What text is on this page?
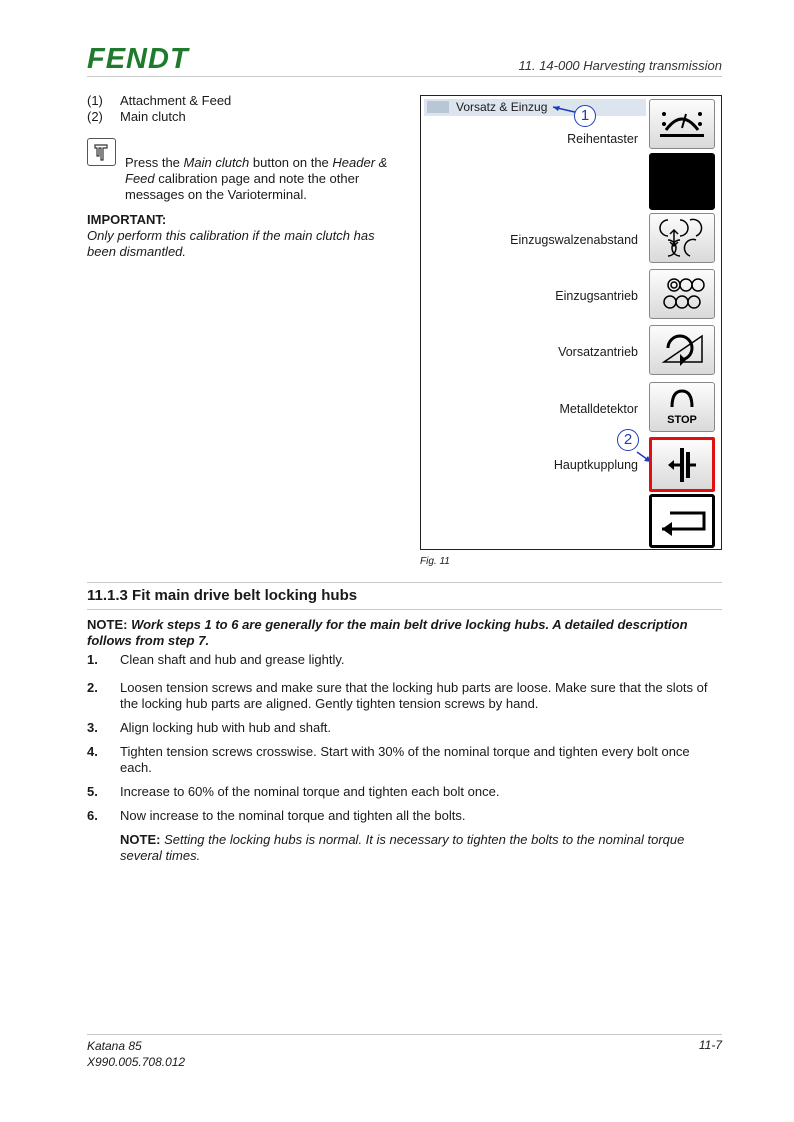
FENDT	11. 14-000 Harvesting transmission
(1)	Attachment & Feed
(2)	Main clutch
Press the Main clutch button on the Header & Feed calibration page and note the other messages on the Varioterminal.
IMPORTANT:
Only perform this calibration if the main clutch has been dismantled.
Vorsatz & Einzug	1
Reihentaster
Einzugswalzenabstand
Einzugsantrieb
Vorsatzantrieb
Metalldetektor
STOP
2
Hauptkupplung
Fig. 11
11.1.3 Fit main drive belt locking hubs
NOTE: Work steps 1 to 6 are generally for the main belt drive locking hubs. A detailed description follows from step 7.
1.	Clean shaft and hub and grease lightly.
2.	Loosen tension screws and make sure that the locking hub parts are loose. Make sure that the slots of the locking hub parts are aligned. Gently tighten tension screws by hand.
3.	Align locking hub with hub and shaft.
4.	Tighten tension screws crosswise. Start with 30% of the nominal torque and tighten every bolt once each.
5.	Increase to 60% of the nominal torque and tighten each bolt once.
6.	Now increase to the nominal torque and tighten all the bolts.
NOTE: Setting the locking hubs is normal. It is necessary to tighten the bolts to the nominal torque several times.
Katana 85
X990.005.708.012
11-7
